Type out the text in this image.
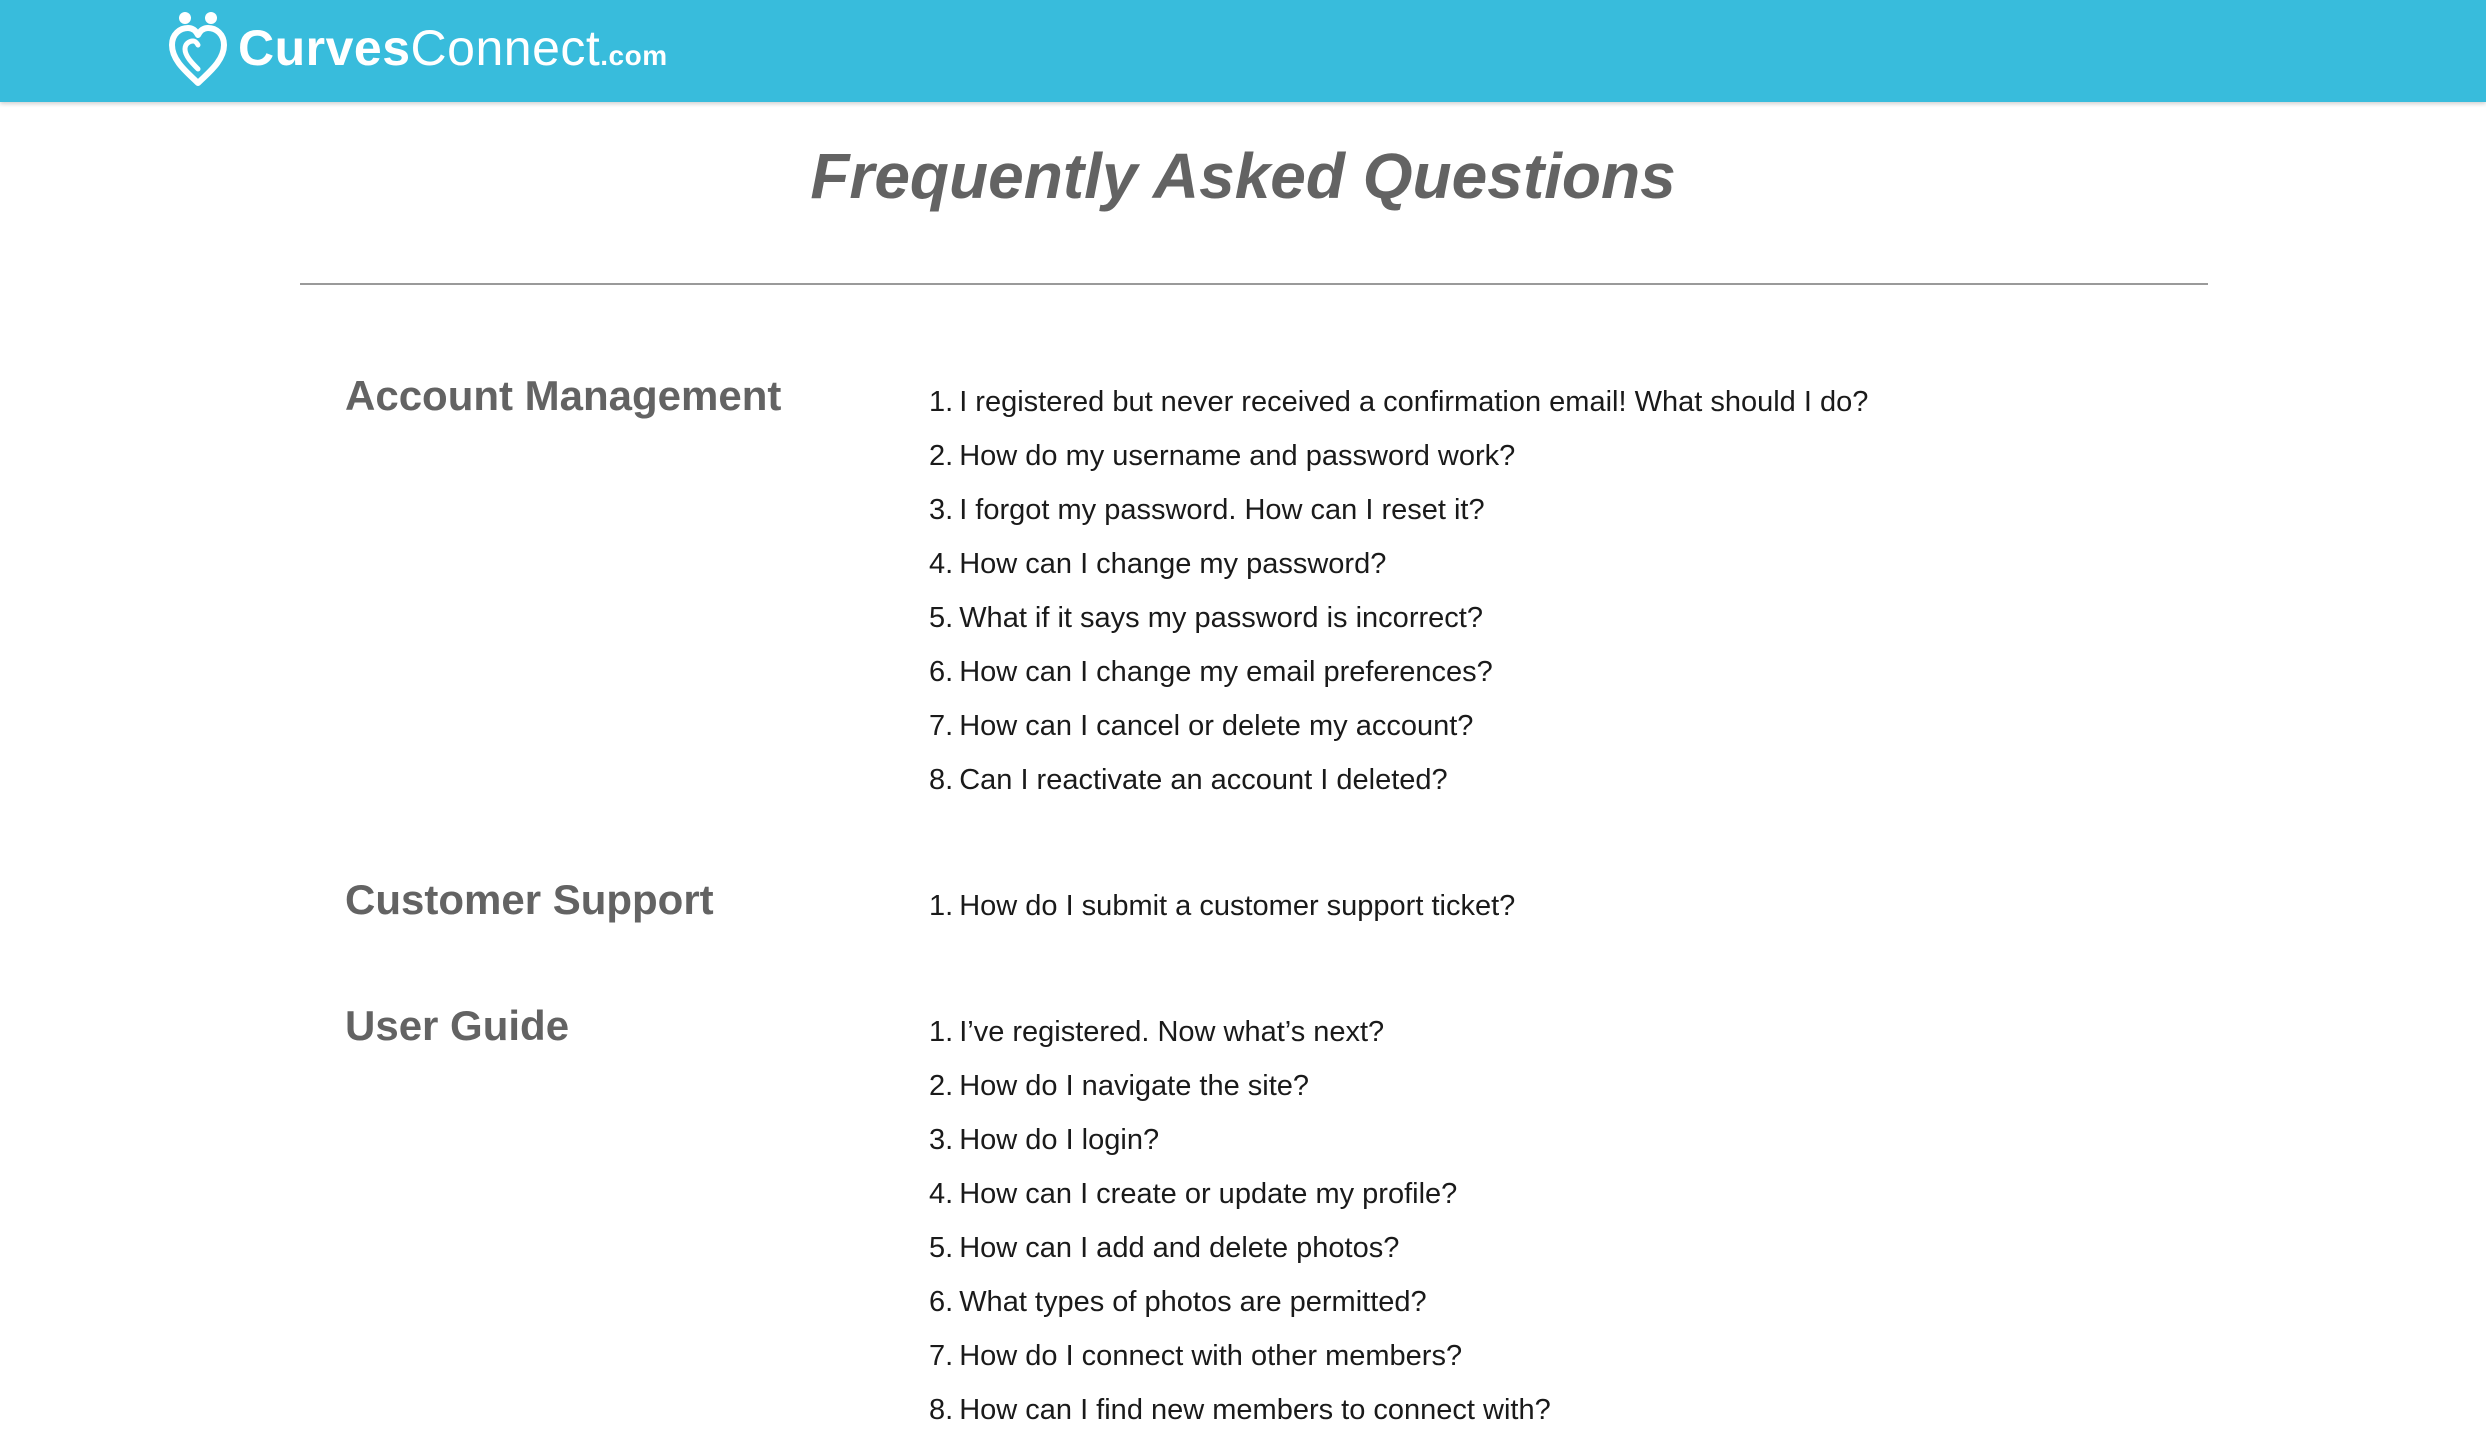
CurvesConnect.com
Frequently Asked Questions
Account Management	1. I registered but never received a confirmation email! What should I do?
2. How do my username and password work?
3. I forgot my password. How can I reset it?
4. How can I change my password?
5. What if it says my password is incorrect?
6. How can I change my email preferences?
7. How can I cancel or delete my account?
8. Can I reactivate an account I deleted?
Customer Support	1. How do I submit a customer support ticket?
User Guide	1. I’ve registered. Now what’s next?
2. How do I navigate the site?
3. How do I login?
4. How can I create or update my profile?
5. How can I add and delete photos?
6. What types of photos are permitted?
7. How do I connect with other members?
8. How can I find new members to connect with?
